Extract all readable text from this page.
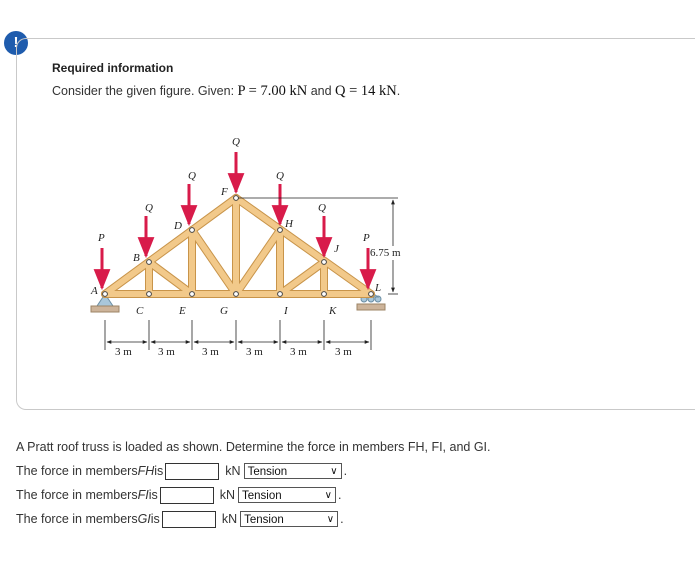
!
Required information
Consider the given figure. Given: P = 7.00 kN and Q = 14 kN.
P
Q
Q
Q
Q
Q
P
A
B
C
D
E
F
G
H
I
J
K
L
6.75 m
3 m 3 m 3 m 3 m 3 m	3 m
A Pratt roof truss is loaded as shown. Determine the force in members FH, FI, and GI.
The force in members FH is	kN Tension	∨ .
The force in members FI is	kN Tension	∨ .
The force in members GI is	kN Tension	∨ .
